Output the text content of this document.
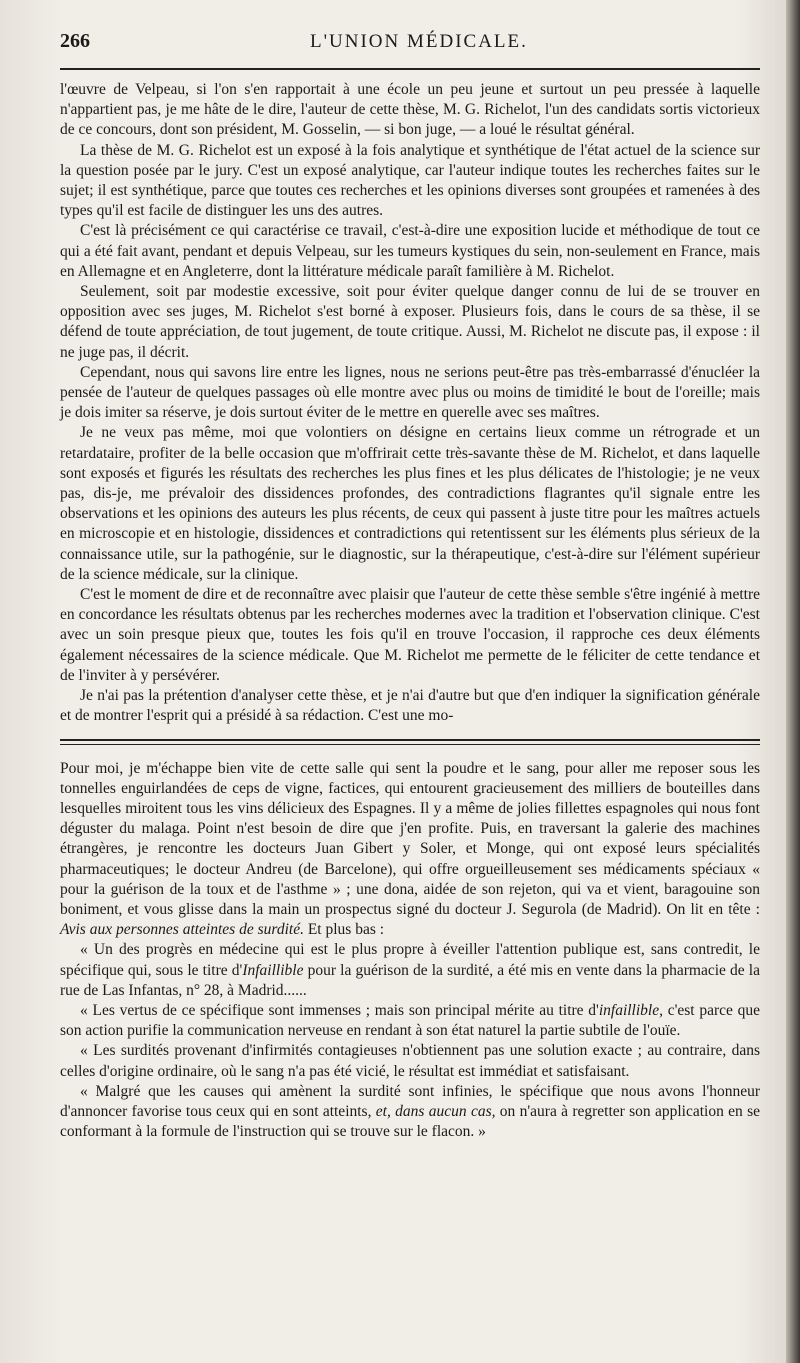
266	L'UNION MÉDICALE.

l'œuvre de Velpeau, si l'on s'en rapportait à une école un peu jeune et surtout un peu pressée à laquelle n'appartient pas, je me hâte de le dire, l'auteur de cette thèse, M. G. Richelot, l'un des candidats sortis victorieux de ce concours, dont son président, M. Gosselin, — si bon juge, — a loué le résultat général.

La thèse de M. G. Richelot est un exposé à la fois analytique et synthétique de l'état actuel de la science sur la question posée par le jury. C'est un exposé analytique, car l'auteur indique toutes les recherches faites sur le sujet; il est synthétique, parce que toutes ces recherches et les opinions diverses sont groupées et ramenées à des types qu'il est facile de distinguer les uns des autres.

C'est là précisément ce qui caractérise ce travail, c'est-à-dire une exposition lucide et méthodique de tout ce qui a été fait avant, pendant et depuis Velpeau, sur les tumeurs kystiques du sein, non-seulement en France, mais en Allemagne et en Angleterre, dont la littérature médicale paraît familière à M. Richelot.

Seulement, soit par modestie excessive, soit pour éviter quelque danger connu de lui de se trouver en opposition avec ses juges, M. Richelot s'est borné à exposer. Plusieurs fois, dans le cours de sa thèse, il se défend de toute appréciation, de tout jugement, de toute critique. Aussi, M. Richelot ne discute pas, il expose : il ne juge pas, il décrit.

Cependant, nous qui savons lire entre les lignes, nous ne serions peut-être pas très-embarrassé d'énucléer la pensée de l'auteur de quelques passages où elle montre avec plus ou moins de timidité le bout de l'oreille; mais je dois imiter sa réserve, je dois surtout éviter de le mettre en querelle avec ses maîtres.

Je ne veux pas même, moi que volontiers on désigne en certains lieux comme un rétrograde et un retardataire, profiter de la belle occasion que m'offrirait cette très-savante thèse de M. Richelot, et dans laquelle sont exposés et figurés les résultats des recherches les plus fines et les plus délicates de l'histologie; je ne veux pas, dis-je, me prévaloir des dissidences profondes, des contradictions flagrantes qu'il signale entre les observations et les opinions des auteurs les plus récents, de ceux qui passent à juste titre pour les maîtres actuels en microscopie et en histologie, dissidences et contradictions qui retentissent sur les éléments plus sérieux de la connaissance utile, sur la pathogénie, sur le diagnostic, sur la thérapeutique, c'est-à-dire sur l'élément supérieur de la science médicale, sur la clinique.

C'est le moment de dire et de reconnaître avec plaisir que l'auteur de cette thèse semble s'être ingénié à mettre en concordance les résultats obtenus par les recherches modernes avec la tradition et l'observation clinique. C'est avec un soin presque pieux que, toutes les fois qu'il en trouve l'occasion, il rapproche ces deux éléments également nécessaires de la science médicale. Que M. Richelot me permette de le féliciter de cette tendance et de l'inviter à y persévérer.

Je n'ai pas la prétention d'analyser cette thèse, et je n'ai d'autre but que d'en indiquer la signification générale et de montrer l'esprit qui a présidé à sa rédaction. C'est une mo-

Pour moi, je m'échappe bien vite de cette salle qui sent la poudre et le sang, pour aller me reposer sous les tonnelles enguirlandées de ceps de vigne, factices, qui entourent gracieusement des milliers de bouteilles dans lesquelles miroitent tous les vins délicieux des Espagnes. Il y a même de jolies fillettes espagnoles qui nous font déguster du malaga. Point n'est besoin de dire que j'en profite. Puis, en traversant la galerie des machines étrangères, je rencontre les docteurs Juan Gibert y Soler, et Monge, qui ont exposé leurs spécialités pharmaceutiques; le docteur Andreu (de Barcelone), qui offre orgueilleusement ses médicaments spéciaux « pour la guérison de la toux et de l'asthme » ; une dona, aidée de son rejeton, qui va et vient, baragouine son boniment, et vous glisse dans la main un prospectus signé du docteur J. Segurola (de Madrid). On lit en tête : Avis aux personnes atteintes de surdité. Et plus bas :

« Un des progrès en médecine qui est le plus propre à éveiller l'attention publique est, sans contredit, le spécifique qui, sous le titre d'Infaillible pour la guérison de la surdité, a été mis en vente dans la pharmacie de la rue de Las Infantas, n° 28, à Madrid......

« Les vertus de ce spécifique sont immenses ; mais son principal mérite au titre d'infaillible, c'est parce que son action purifie la communication nerveuse en rendant à son état naturel la partie subtile de l'ouïe.

« Les surdités provenant d'infirmités contagieuses n'obtiennent pas une solution exacte ; au contraire, dans celles d'origine ordinaire, où le sang n'a pas été vicié, le résultat est immédiat et satisfaisant.

« Malgré que les causes qui amènent la surdité sont infinies, le spécifique que nous avons l'honneur d'annoncer favorise tous ceux qui en sont atteints, et, dans aucun cas, on n'aura à regretter son application en se conformant à la formule de l'instruction qui se trouve sur le flacon. »
